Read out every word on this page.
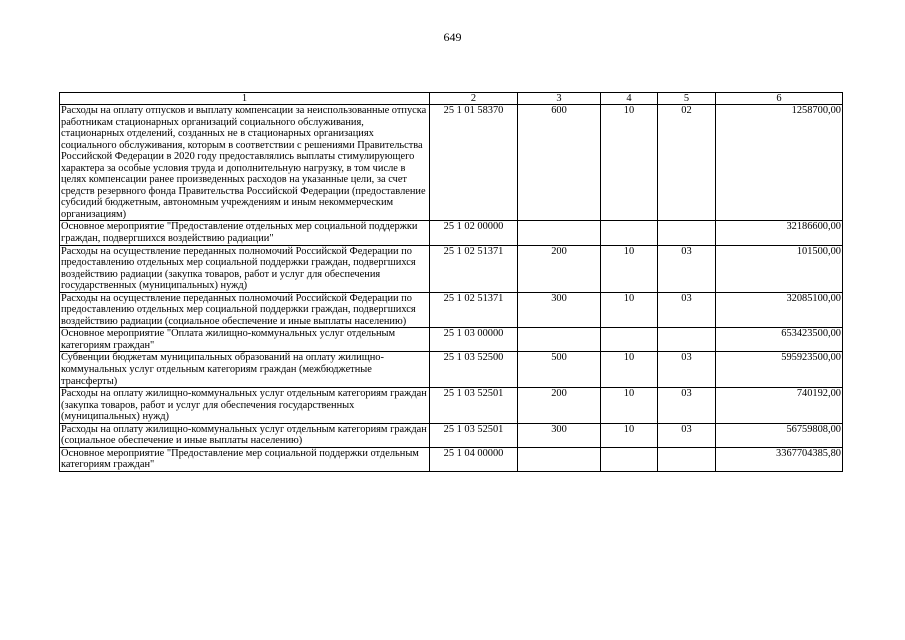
649
1	2	3	4	5	6
Расходы на оплату отпусков и выплату компенсации за неиспользованные отпуска работникам стационарных организаций социального обслуживания, стационарных отделений, созданных не в стационарных организациях социального обслуживания, которым в соответствии с решениями Правительства Российской Федерации в 2020 году предоставлялись выплаты стимулирующего характера за особые условия труда и дополнительную нагрузку, в том числе в целях компенсации ранее произведенных расходов на указанные цели, за счет средств резервного фонда Правительства Российской Федерации (предоставление субсидий бюджетным, автономным учреждениям и иным некоммерческим организациям)	25 1 01 58370	600	10	02	1258700,00
Основное мероприятие "Предоставление отдельных мер социальной поддержки граждан, подвергшихся воздействию радиации"	25 1 02 00000				32186600,00
Расходы на осуществление переданных полномочий Российской Федерации по предоставлению отдельных мер социальной поддержки граждан, подвергшихся воздействию радиации (закупка товаров, работ и услуг для обеспечения государственных (муниципальных) нужд)	25 1 02 51371	200	10	03	101500,00
Расходы на осуществление переданных полномочий Российской Федерации по предоставлению отдельных мер социальной поддержки граждан, подвергшихся воздействию радиации (социальное обеспечение и иные выплаты населению)	25 1 02 51371	300	10	03	32085100,00
Основное мероприятие "Оплата жилищно-коммунальных услуг отдельным категориям граждан"	25 1 03 00000				653423500,00
Субвенции бюджетам муниципальных образований на оплату жилищно-коммунальных услуг отдельным категориям граждан (межбюджетные трансферты)	25 1 03 52500	500	10	03	595923500,00
Расходы на оплату жилищно-коммунальных услуг отдельным категориям граждан (закупка товаров, работ и услуг для обеспечения государственных (муниципальных) нужд)	25 1 03 52501	200	10	03	740192,00
Расходы на оплату жилищно-коммунальных услуг отдельным категориям граждан (социальное обеспечение и иные выплаты населению)	25 1 03 52501	300	10	03	56759808,00
Основное мероприятие "Предоставление мер социальной поддержки отдельным категориям граждан"	25 1 04 00000				3367704385,80
